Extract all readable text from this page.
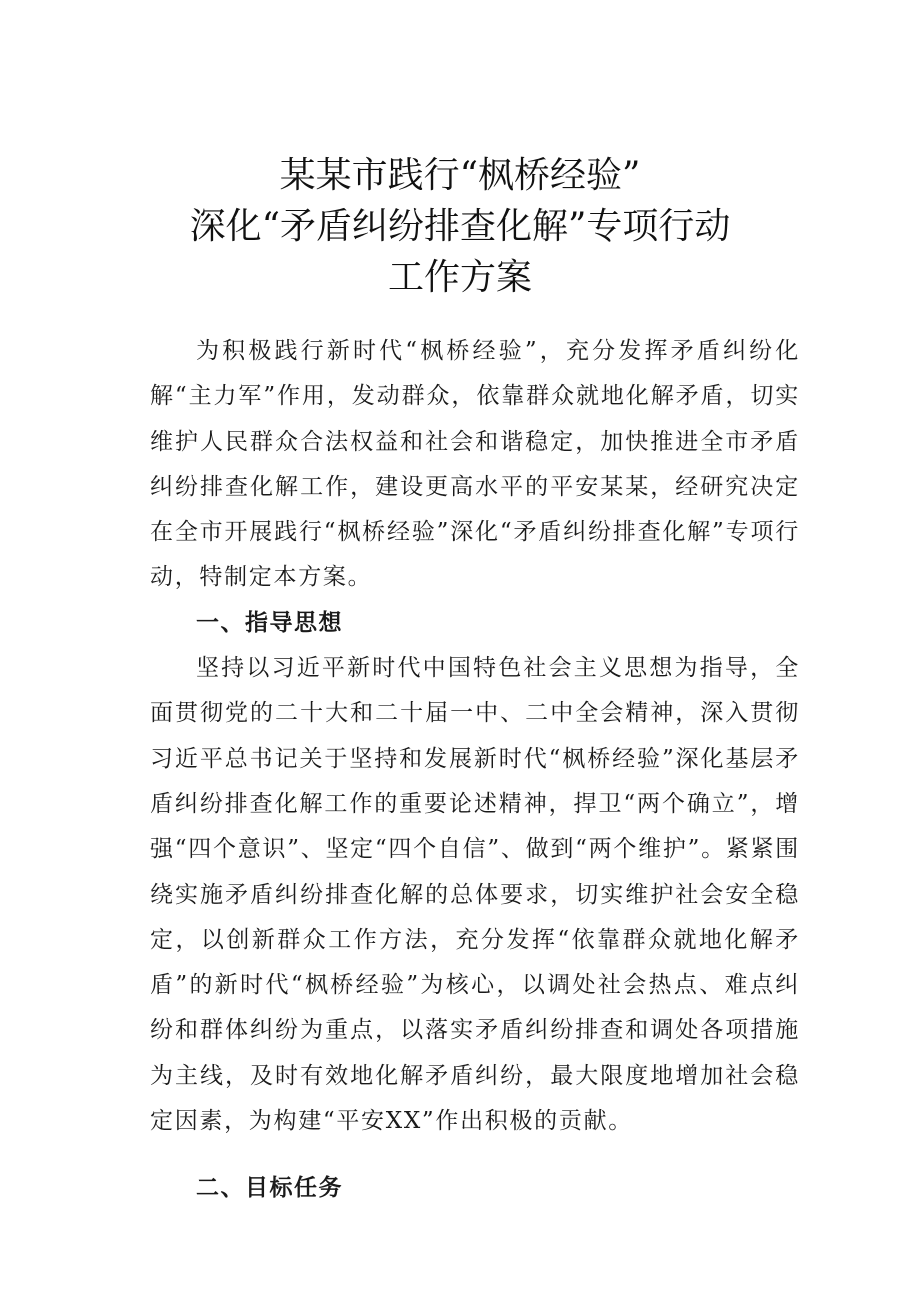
某某市践行“枫桥经验”
深化“矛盾纠纷排查化解”专项行动
工作方案

为积极践行新时代“枫桥经验”，充分发挥矛盾纠纷化解“主力军”作用，发动群众，依靠群众就地化解矛盾，切实维护人民群众合法权益和社会和谐稳定，加快推进全市矛盾纠纷排查化解工作，建设更高水平的平安某某，经研究决定在全市开展践行“枫桥经验”深化“矛盾纠纷排查化解”专项行动，特制定本方案。

一、指导思想

坚持以习近平新时代中国特色社会主义思想为指导，全面贯彻党的二十大和二十届一中、二中全会精神，深入贯彻习近平总书记关于坚持和发展新时代“枫桥经验”深化基层矛盾纠纷排查化解工作的重要论述精神，捍卫“两个确立”，增强“四个意识”、坚定“四个自信”、做到“两个维护”。紧紧围绕实施矛盾纠纷排查化解的总体要求，切实维护社会安全稳定，以创新群众工作方法，充分发挥“依靠群众就地化解矛盾”的新时代“枫桥经验”为核心，以调处社会热点、难点纠纷和群体纠纷为重点，以落实矛盾纠纷排查和调处各项措施为主线，及时有效地化解矛盾纠纷，最大限度地增加社会稳定因素，为构建“平安XX”作出积极的贡献。

二、目标任务
